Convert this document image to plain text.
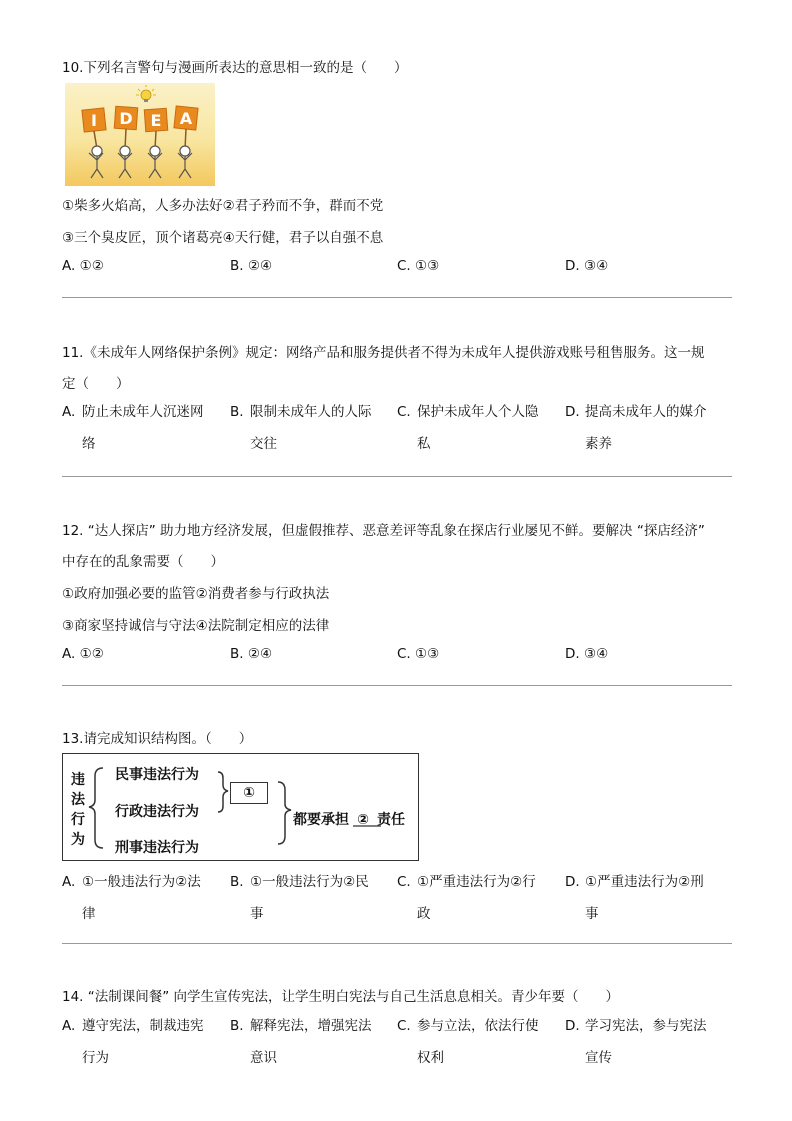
10.下列名言警句与漫画所表达的意思相一致的是（　　）
I D E A
①柴多火焰高，人多办法好②君子矜而不争，群而不党
③三个臭皮匠，顶个诸葛亮④天行健，君子以自强不息
A. ①②	B. ②④	C. ①③	D. ③④
11.《未成年人网络保护条例》规定：网络产品和服务提供者不得为未成年人提供游戏账号租售服务。这一规
定（　　）
A. 防止未成年人沉迷网
络
B. 限制未成年人的人际
交往
C. 保护未成年人个人隐
私
D. 提高未成年人的媒介
素养
12. “达人探店” 助力地方经济发展，但虚假推荐、恶意差评等乱象在探店行业屡见不鲜。要解决 “探店经济”
中存在的乱象需要（　　）
①政府加强必要的监管②消费者参与行政执法
③商家坚持诚信与守法④法院制定相应的法律
A. ①②	B. ②④	C. ①③	D. ③④
13.请完成知识结构图。（　　）
违
法
行
为
民事违法行为
行政违法行为
刑事违法行为
①
都要承担 ② 责任
A. ①一般违法行为②法
律
B. ①一般违法行为②民
事
C. ①严重违法行为②行
政
D. ①严重违法行为②刑
事
14. “法制课间餐” 向学生宣传宪法，让学生明白宪法与自己生活息息相关。青少年要（　　）
A. 遵守宪法，制裁违宪
行为
B. 解释宪法，增强宪法
意识
C. 参与立法，依法行使
权利
D. 学习宪法，参与宪法
宣传
